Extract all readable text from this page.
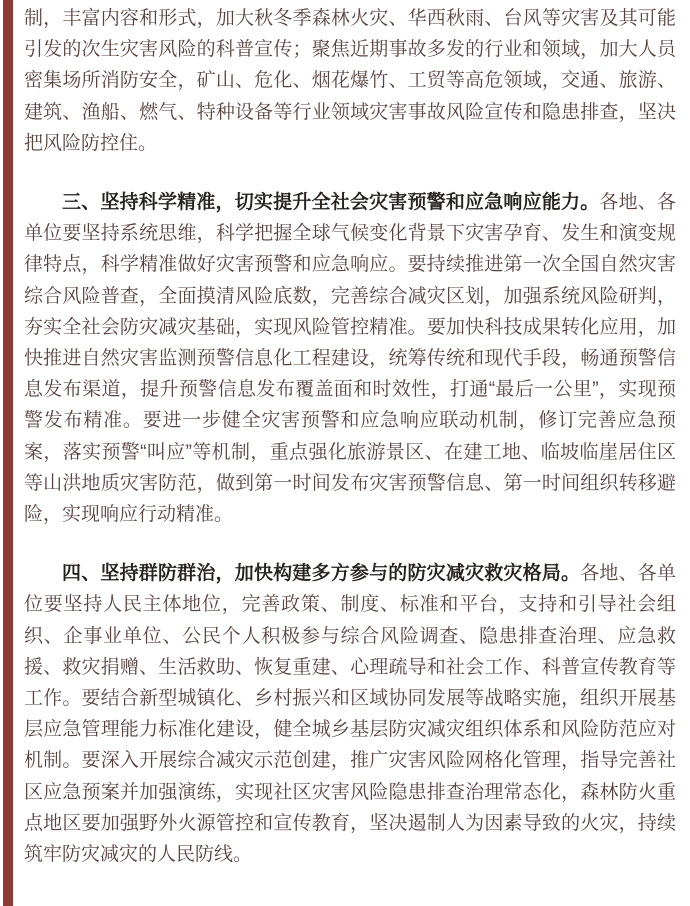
制，丰富内容和形式，加大秋冬季森林火灾、华西秋雨、台风等灾害及其可能引发的次生灾害风险的科普宣传；聚焦近期事故多发的行业和领域，加大人员密集场所消防安全，矿山、危化、烟花爆竹、工贸等高危领域，交通、旅游、建筑、渔船、燃气、特种设备等行业领域灾害事故风险宣传和隐患排查，坚决把风险防控住。

三、坚持科学精准，切实提升全社会灾害预警和应急响应能力。各地、各单位要坚持系统思维，科学把握全球气候变化背景下灾害孕育、发生和演变规律特点，科学精准做好灾害预警和应急响应。要持续推进第一次全国自然灾害综合风险普查，全面摸清风险底数，完善综合减灾区划，加强系统风险研判，夯实全社会防灾减灾基础，实现风险管控精准。要加快科技成果转化应用，加快推进自然灾害监测预警信息化工程建设，统筹传统和现代手段，畅通预警信息发布渠道，提升预警信息发布覆盖面和时效性，打通“最后一公里”，实现预警发布精准。要进一步健全灾害预警和应急响应联动机制，修订完善应急预案，落实预警“叫应”等机制，重点强化旅游景区、在建工地、临坡临崖居住区等山洪地质灾害防范，做到第一时间发布灾害预警信息、第一时间组织转移避险，实现响应行动精准。

四、坚持群防群治，加快构建多方参与的防灾减灾救灾格局。各地、各单位要坚持人民主体地位，完善政策、制度、标准和平台，支持和引导社会组织、企事业单位、公民个人积极参与综合风险调查、隐患排查治理、应急救援、救灾捐赠、生活救助、恢复重建、心理疏导和社会工作、科普宣传教育等工作。要结合新型城镇化、乡村振兴和区域协同发展等战略实施，组织开展基层应急管理能力标准化建设，健全城乡基层防灾减灾组织体系和风险防范应对机制。要深入开展综合减灾示范创建，推广灾害风险网格化管理，指导完善社区应急预案并加强演练，实现社区灾害风险隐患排查治理常态化，森林防火重点地区要加强野外火源管控和宣传教育，坚决遏制人为因素导致的火灾，持续筑牢防灾减灾的人民防线。
